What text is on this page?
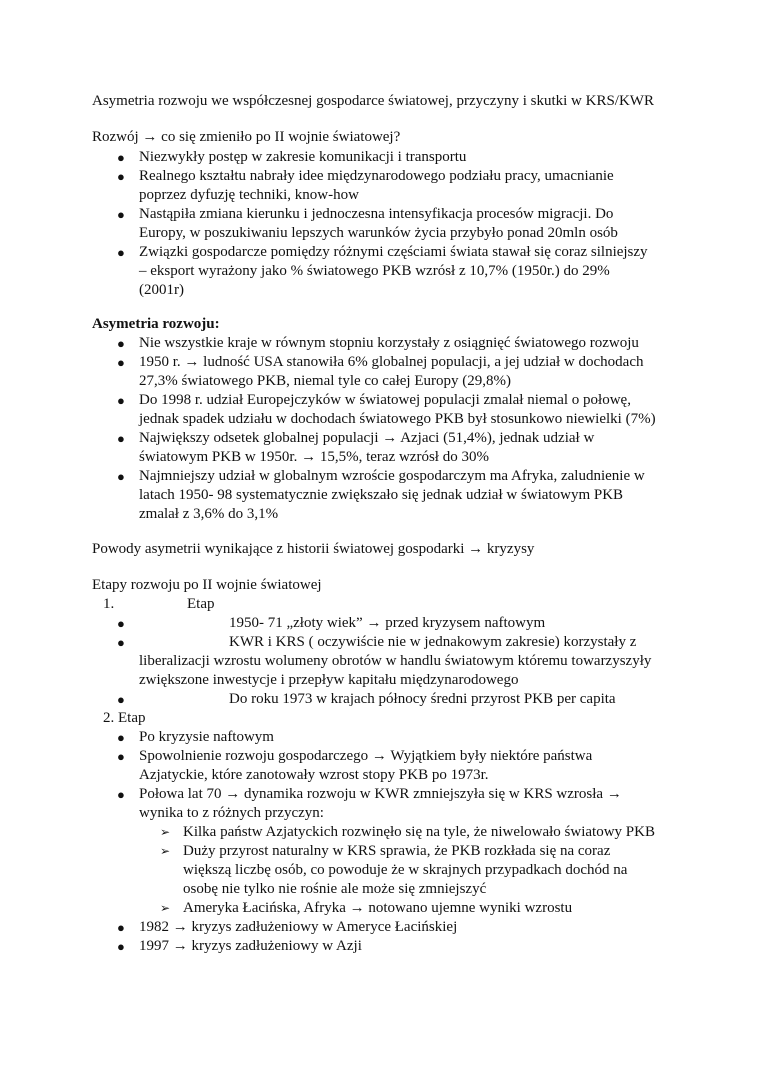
Asymetria rozwoju we współczesnej gospodarce światowej, przyczyny i skutki w KRS/KWR
Rozwój → co się zmieniło po II wojnie światowej?
● Niezwykły postęp w zakresie komunikacji i transportu
● Realnego kształtu nabrały idee międzynarodowego podziału pracy, umacnianie
poprzez dyfuzję techniki, know-how
● Nastąpiła zmiana kierunku i jednoczesna intensyfikacja procesów migracji. Do
Europy, w poszukiwaniu lepszych warunków życia przybyło ponad 20mln osób
● Związki gospodarcze pomiędzy różnymi częściami świata stawał się coraz silniejszy
– eksport wyrażony jako % światowego PKB wzrósł z 10,7% (1950r.) do 29%
(2001r)
Asymetria rozwoju:
● Nie wszystkie kraje w równym stopniu korzystały z osiągnięć światowego rozwoju
● 1950 r. → ludność USA stanowiła 6% globalnej populacji, a jej udział w dochodach
27,3% światowego PKB, niemal tyle co całej Europy (29,8%)
● Do 1998 r. udział Europejczyków w światowej populacji zmalał niemal o połowę,
jednak spadek udziału w dochodach światowego PKB był stosunkowo niewielki (7%)
● Największy odsetek globalnej populacji → Azjaci (51,4%), jednak udział w
światowym PKB w 1950r. → 15,5%, teraz wzrósł do 30%
● Najmniejszy udział w globalnym wzroście gospodarczym ma Afryka, zaludnienie w
latach 1950- 98 systematycznie zwiększało się jednak udział w światowym PKB
zmalał z 3,6% do 3,1%
Powody asymetrii wynikające z historii światowej gospodarki → kryzysy
Etapy rozwoju po II wojnie światowej
1.	Etap
●	1950- 71 „złoty wiek” → przed kryzysem naftowym
●	KWR i KRS ( oczywiście nie w jednakowym zakresie) korzystały z
liberalizacji wzrostu wolumeny obrotów w handlu światowym któremu towarzyszyły
zwiększone inwestycje i przepływ kapitału międzynarodowego
●	Do roku 1973 w krajach północy średni przyrost PKB per capita
2. Etap
● Po kryzysie naftowym
● Spowolnienie rozwoju gospodarczego → Wyjątkiem były niektóre państwa
Azjatyckie, które zanotowały wzrost stopy PKB po 1973r.
● Połowa lat 70 → dynamika rozwoju w KWR zmniejszyła się w KRS wzrosła →
wynika to z różnych przyczyn:
➢ Kilka państw Azjatyckich rozwinęło się na tyle, że niwelowało światowy PKB
➢ Duży przyrost naturalny w KRS sprawia, że PKB rozkłada się na coraz
większą liczbę osób, co powoduje że w skrajnych przypadkach dochód na
osobę nie tylko nie rośnie ale może się zmniejszyć
➢ Ameryka Łacińska, Afryka → notowano ujemne wyniki wzrostu
● 1982 → kryzys zadłużeniowy w Ameryce Łacińskiej
● 1997 → kryzys zadłużeniowy w Azji
